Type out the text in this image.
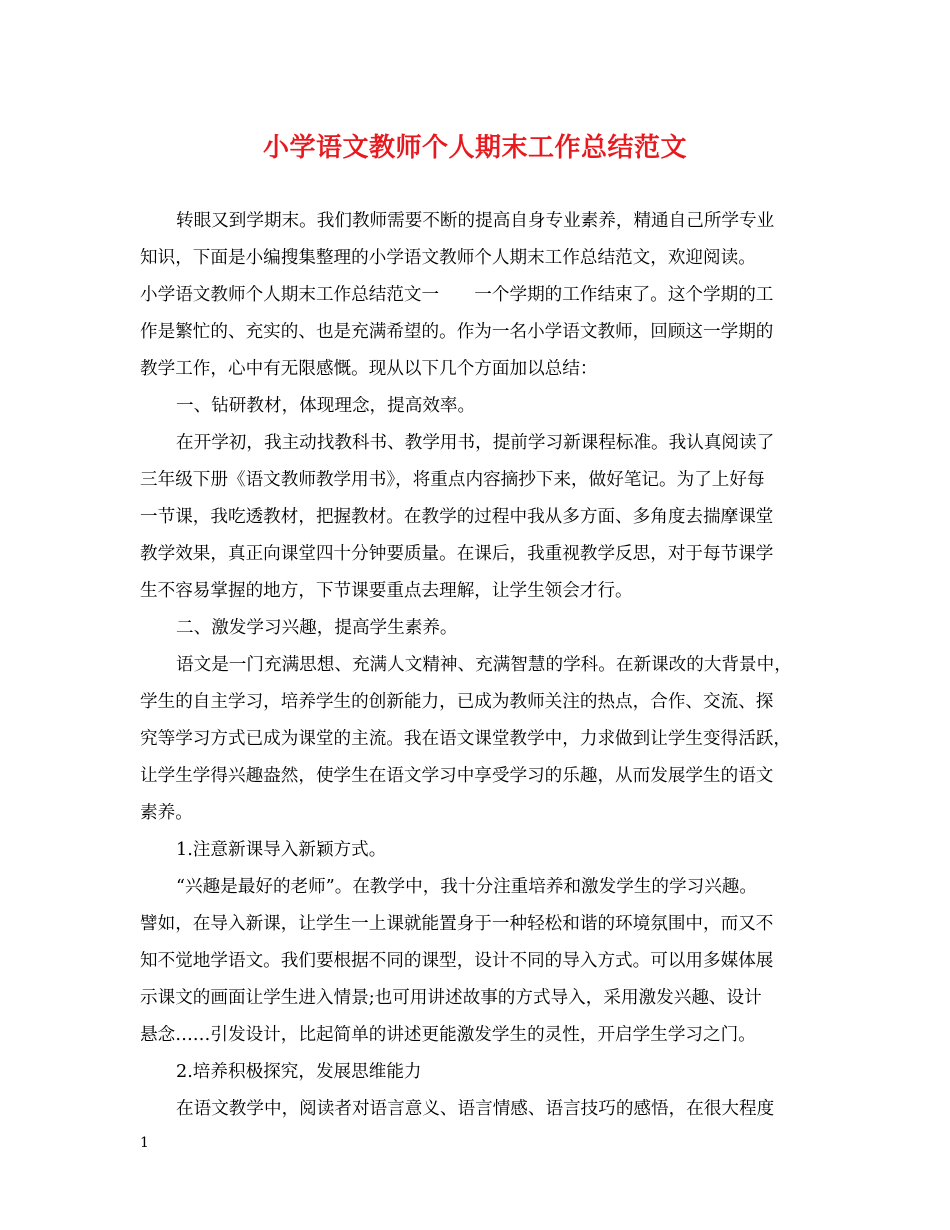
小学语文教师个人期末工作总结范文

转眼又到学期末。我们教师需要不断的提高自身专业素养，精通自己所学专业

知识，下面是小编搜集整理的小学语文教师个人期末工作总结范文，欢迎阅读。

小学语文教师个人期末工作总结范文一　　一个学期的工作结束了。这个学期的工

作是繁忙的、充实的、也是充满希望的。作为一名小学语文教师，回顾这一学期的

教学工作，心中有无限感慨。现从以下几个方面加以总结：

一、钻研教材，体现理念，提高效率。

在开学初，我主动找教科书、教学用书，提前学习新课程标准。我认真阅读了

三年级下册《语文教师教学用书》，将重点内容摘抄下来，做好笔记。为了上好每

一节课，我吃透教材，把握教材。在教学的过程中我从多方面、多角度去揣摩课堂

教学效果，真正向课堂四十分钟要质量。在课后，我重视教学反思，对于每节课学

生不容易掌握的地方，下节课要重点去理解，让学生领会才行。

二、激发学习兴趣，提高学生素养。

语文是一门充满思想、充满人文精神、充满智慧的学科。在新课改的大背景中，

学生的自主学习，培养学生的创新能力，已成为教师关注的热点，合作、交流、探

究等学习方式已成为课堂的主流。我在语文课堂教学中，力求做到让学生变得活跃，

让学生学得兴趣盎然，使学生在语文学习中享受学习的乐趣，从而发展学生的语文

素养。

1.注意新课导入新颖方式。

“兴趣是最好的老师”。在教学中，我十分注重培养和激发学生的学习兴趣。

譬如，在导入新课，让学生一上课就能置身于一种轻松和谐的环境氛围中，而又不

知不觉地学语文。我们要根据不同的课型，设计不同的导入方式。可以用多媒体展

示课文的画面让学生进入情景;也可用讲述故事的方式导入，采用激发兴趣、设计

悬念……引发设计，比起简单的讲述更能激发学生的灵性，开启学生学习之门。

2.培养积极探究，发展思维能力

在语文教学中，阅读者对语言意义、语言情感、语言技巧的感悟，在很大程度

1
